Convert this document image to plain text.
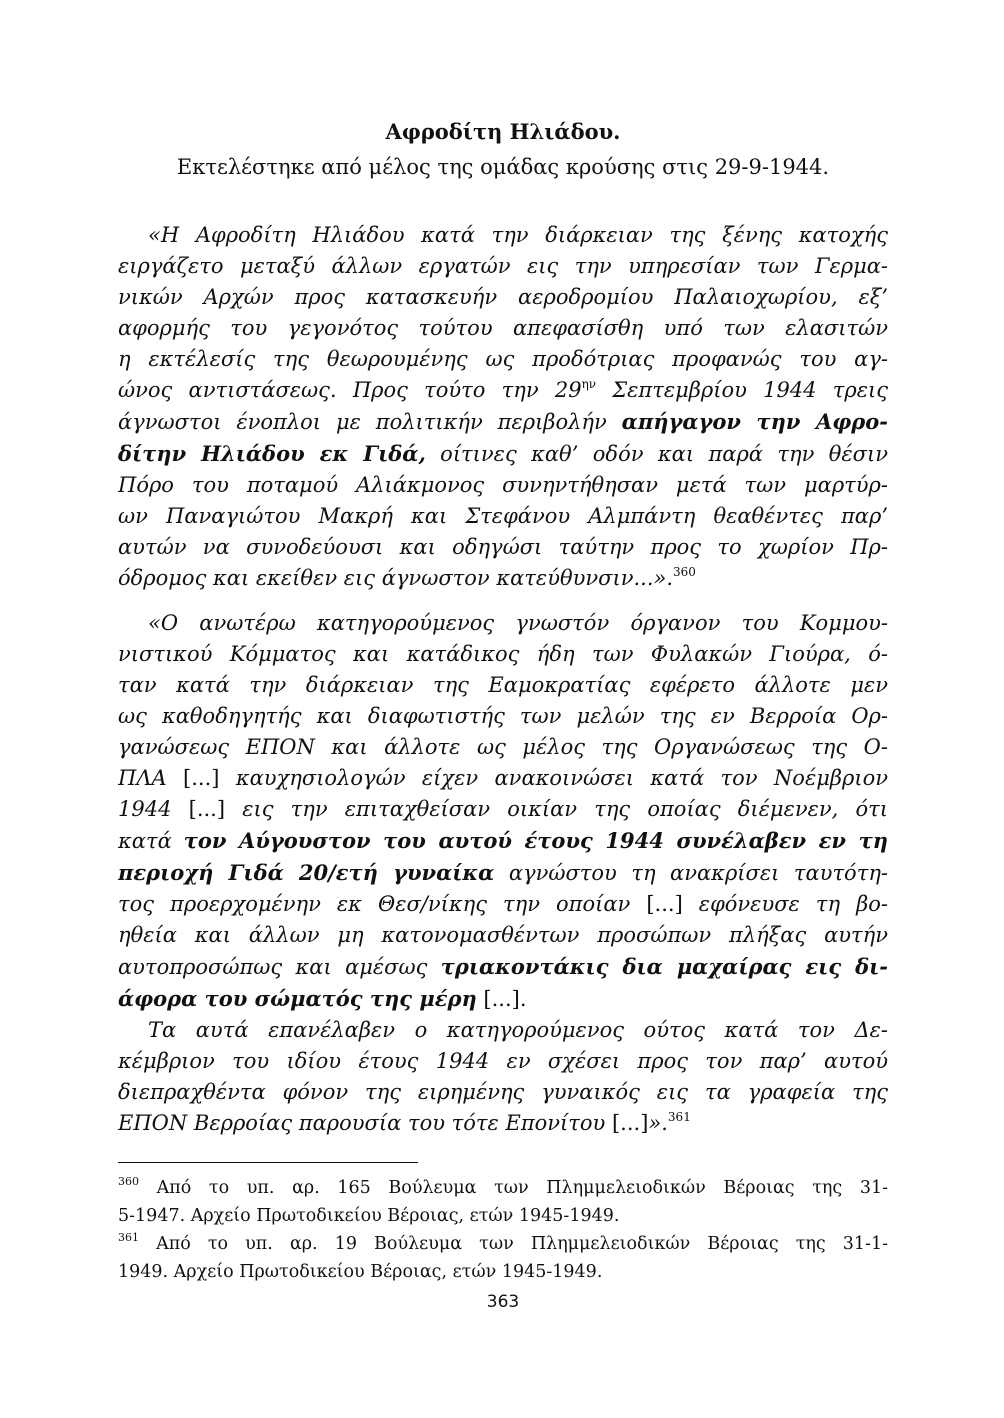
Αφροδίτη Ηλιάδου.
Εκτελέστηκε από μέλος της ομάδας κρούσης στις 29-9-1944.
«Η Αφροδίτη Ηλιάδου κατά την διάρκειαν της ξένης κατοχής
ειργάζετο μεταξύ άλλων εργατών εις την υπηρεσίαν των Γερμα-
νικών Αρχών προς κατασκευήν αεροδρομίου Παλαιοχωρίου, εξ’
αφορμής του γεγονότος τούτου απεφασίσθη υπό των ελασιτών
η εκτέλεσίς της θεωρουμένης ως προδότριας προφανώς του αγ-
ώνος αντιστάσεως. Προς τούτο την $29^{\eta\nu}$ Σεπτεμβρίου 1944 τρεις
άγνωστοι ένοπλοι με πολιτικήν περιβολήν απήγαγον την Αφρο-
δίτην Ηλιάδου εκ Γιδά, οίτινες καθ’ οδόν και παρά την θέσιν
Πόρο του ποταμού Αλιάκμονος συνηντήθησαν μετά των μαρτύρ-
ων Παναγιώτου Μακρή και Στεφάνου Αλμπάντη θεαθέντες παρ’
αυτών να συνοδεύουσι και οδηγώσι ταύτην προς το χωρίον Πρ-
όδρομος και εκείθεν εις άγνωστον κατεύθυνσιν...».$^{360}$
«Ο ανωτέρω κατηγορούμενος γνωστόν όργανον του Κομμου-
νιστικού Κόμματος και κατάδικος ήδη των Φυλακών Γιούρα, ό-
ταν κατά την διάρκειαν της Εαμοκρατίας εφέρετο άλλοτε μεν
ως καθοδηγητής και διαφωτιστής των μελών της εν Βερροία Ορ-
γανώσεως ΕΠΟΝ και άλλοτε ως μέλος της Οργανώσεως της Ο-
ΠΛΑ [...] καυχησιολογών είχεν ανακοινώσει κατά τον Νοέμβριον
1944 [...] εις την επιταχθείσαν οικίαν της οποίας διέμενεν, ότι
κατά τον Αύγουστον του αυτού έτους 1944 συνέλαβεν εν τη
περιοχή Γιδά 20/ετή γυναίκα αγνώστου τη ανακρίσει ταυτότη-
τος προερχομένην εκ Θεσ/νίκης την οποίαν [...] εφόνευσε τη βο-
ηθεία και άλλων μη κατονομασθέντων προσώπων πλήξας αυτήν
αυτοπροσώπως και αμέσως τριακοντάκις δια μαχαίρας εις δι-
άφορα του σώματός της μέρη [...].
Τα αυτά επανέλαβεν ο κατηγορούμενος ούτος κατά τον Δε-
κέμβριον του ιδίου έτους 1944 εν σχέσει προς τον παρ’ αυτού
διεπραχθέντα φόνον της ειρημένης γυναικός εις τα γραφεία της
ΕΠΟΝ Βερροίας παρουσία του τότε Επονίτου [...]».$^{361}$
$^{360}$ Από το υπ. αρ. 165 Βούλευμα των Πλημμελειοδικών Βέροιας της 31-
5-1947. Αρχείο Πρωτοδικείου Βέροιας, ετών 1945-1949.
$^{361}$ Από το υπ. αρ. 19 Βούλευμα των Πλημμελειοδικών Βέροιας της 31-1-
1949. Αρχείο Πρωτοδικείου Βέροιας, ετών 1945-1949.
363
